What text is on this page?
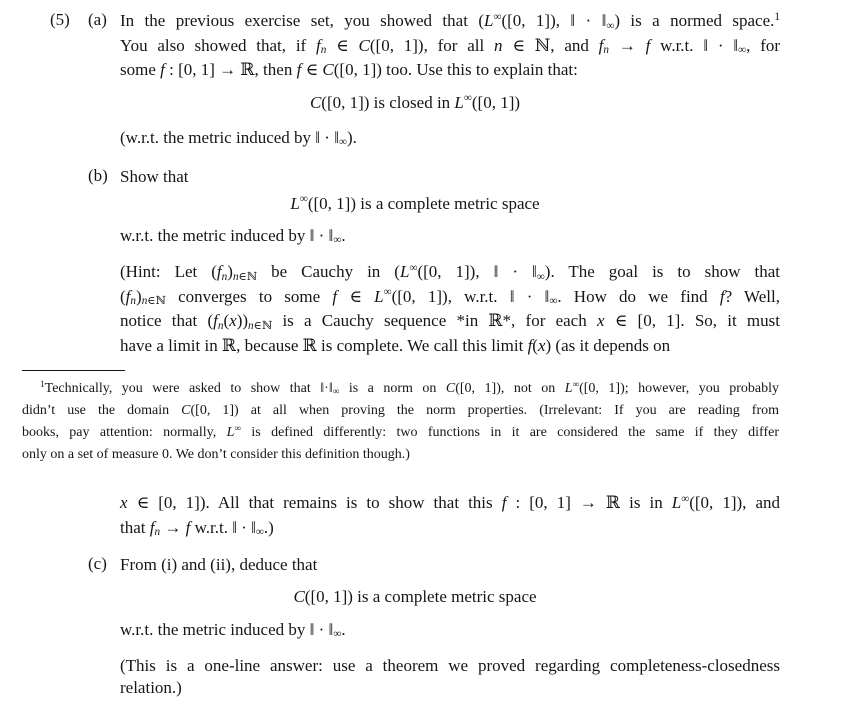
(5) (a) In the previous exercise set, you showed that (L∞([0, 1]), ‖ · ‖∞) is a normed space.$^1$
You also showed that, if fn ∈ C([0, 1]), for all n ∈ ℕ, and fn → f w.r.t. ‖ · ‖∞, for
some f : [0, 1] → ℝ, then f ∈ C([0, 1]) too. Use this to explain that:
C([0, 1]) is closed in L∞([0, 1])
(w.r.t. the metric induced by ‖ · ‖∞).
(b) Show that
L∞([0, 1]) is a complete metric space
w.r.t. the metric induced by ‖ · ‖∞.
(Hint: Let (fn)n∈ℕ be Cauchy in (L∞([0, 1]), ‖ · ‖∞). The goal is to show that
(fn)n∈ℕ converges to some f ∈ L∞([0, 1]), w.r.t. ‖ · ‖∞. How do we find f? Well,
notice that (fn(x))n∈ℕ is a Cauchy sequence *in ℝ*, for each x ∈ [0, 1]. So, it must
have a limit in ℝ, because ℝ is complete. We call this limit f(x) (as it depends on
$^1$Technically, you were asked to show that ‖·‖∞ is a norm on C([0, 1]), not on L∞([0, 1]); however, you probably
didn’t use the domain C([0, 1]) at all when proving the norm properties. (Irrelevant: If you are reading from
books, pay attention: normally, L∞ is defined differently: two functions in it are considered the same if they differ
only on a set of measure 0. We don’t consider this definition though.)
x ∈ [0, 1]). All that remains is to show that this f : [0, 1] → ℝ is in L∞([0, 1]), and
that fn → f w.r.t. ‖ · ‖∞.)
(c) From (i) and (ii), deduce that
C([0, 1]) is a complete metric space
w.r.t. the metric induced by ‖ · ‖∞.
(This is a one-line answer: use a theorem we proved regarding completeness-closedness
relation.)
